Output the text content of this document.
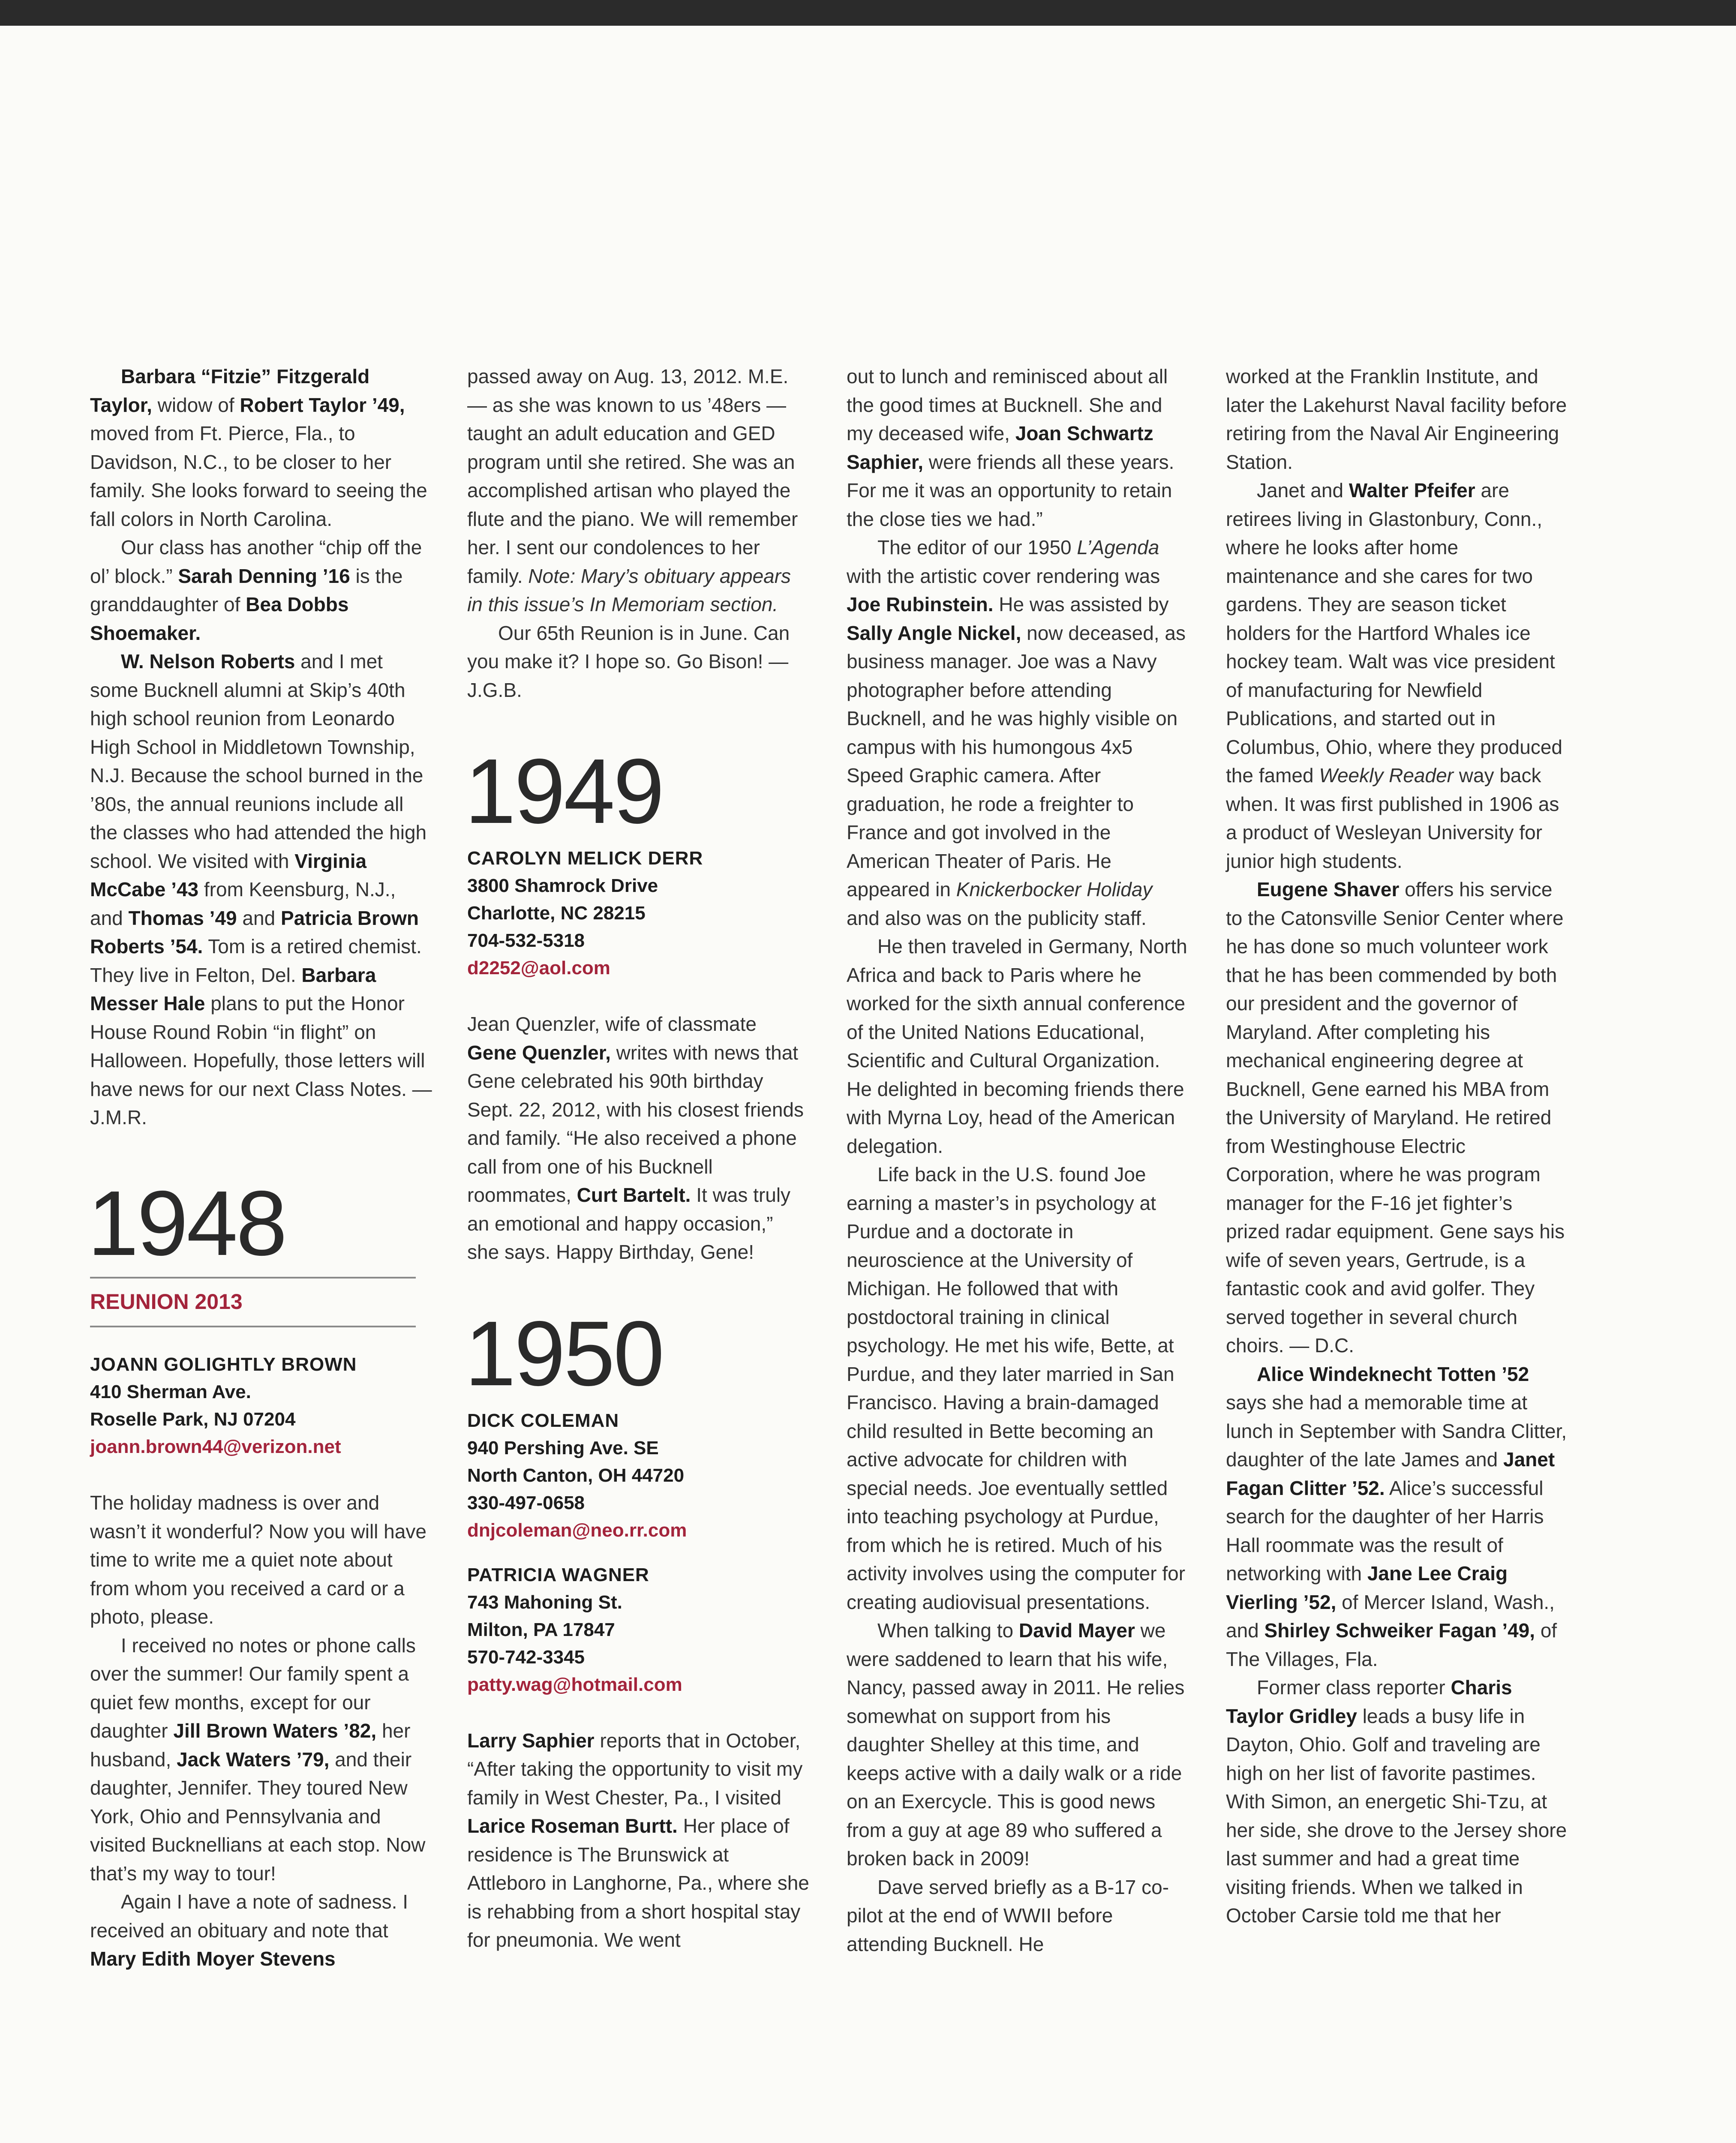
Barbara “Fitzie” Fitzgerald Taylor, widow of Robert Taylor ’49, moved from Ft. Pierce, Fla., to Davidson, N.C., to be closer to her family. She looks forward to seeing the fall colors in North Carolina.

Our class has another “chip off the ol’ block.” Sarah Denning ’16 is the granddaughter of Bea Dobbs Shoemaker.

W. Nelson Roberts and I met some Bucknell alumni at Skip’s 40th high school reunion from Leonardo High School in Middletown Township, N.J. Because the school burned in the ’80s, the annual reunions include all the classes who had attended the high school. We visited with Virginia McCabe ’43 from Keensburg, N.J., and Thomas ’49 and Patricia Brown Roberts ’54. Tom is a retired chemist. They live in Felton, Del. Barbara Messer Hale plans to put the Honor House Round Robin “in flight” on Halloween. Hopefully, those letters will have news for our next Class Notes. — J.M.R.

1948
REUNION 2013
JOANN GOLIGHTLY BROWN
410 Sherman Ave.
Roselle Park, NJ 07204
joann.brown44@verizon.net

The holiday madness is over and wasn’t it wonderful? Now you will have time to write me a quiet note about from whom you received a card or a photo, please.

I received no notes or phone calls over the summer! Our family spent a quiet few months, except for our daughter Jill Brown Waters ’82, her husband, Jack Waters ’79, and their daughter, Jennifer. They toured New York, Ohio and Pennsylvania and visited Bucknellians at each stop. Now that’s my way to tour!

Again I have a note of sadness. I received an obituary and note that Mary Edith Moyer Stevens

passed away on Aug. 13, 2012. M.E. — as she was known to us ’48ers — taught an adult education and GED program until she retired. She was an accomplished artisan who played the flute and the piano. We will remember her. I sent our condolences to her family. Note: Mary’s obituary appears in this issue’s In Memoriam section.

Our 65th Reunion is in June. Can you make it? I hope so. Go Bison! — J.G.B.

1949
CAROLYN MELICK DERR
3800 Shamrock Drive
Charlotte, NC 28215
704-532-5318
d2252@aol.com

Jean Quenzler, wife of classmate Gene Quenzler, writes with news that Gene celebrated his 90th birthday Sept. 22, 2012, with his closest friends and family. “He also received a phone call from one of his Bucknell roommates, Curt Bartelt. It was truly an emotional and happy occasion,” she says. Happy Birthday, Gene!

1950
DICK COLEMAN
940 Pershing Ave. SE
North Canton, OH 44720
330-497-0658
dnjcoleman@neo.rr.com
PATRICIA WAGNER
743 Mahoning St.
Milton, PA 17847
570-742-3345
patty.wag@hotmail.com

Larry Saphier reports that in October, “After taking the opportunity to visit my family in West Chester, Pa., I visited Larice Roseman Burtt. Her place of residence is The Brunswick at Attleboro in Langhorne, Pa., where she is rehabbing from a short hospital stay for pneumonia. We went

out to lunch and reminisced about all the good times at Bucknell. She and my deceased wife, Joan Schwartz Saphier, were friends all these years. For me it was an opportunity to retain the close ties we had.”

The editor of our 1950 L’Agenda with the artistic cover rendering was Joe Rubinstein. He was assisted by Sally Angle Nickel, now deceased, as business manager. Joe was a Navy photographer before attending Bucknell, and he was highly visible on campus with his humongous 4x5 Speed Graphic camera. After graduation, he rode a freighter to France and got involved in the American Theater of Paris. He appeared in Knickerbocker Holiday and also was on the publicity staff.

He then traveled in Germany, North Africa and back to Paris where he worked for the sixth annual conference of the United Nations Educational, Scientific and Cultural Organization. He delighted in becoming friends there with Myrna Loy, head of the American delegation.

Life back in the U.S. found Joe earning a master’s in psychology at Purdue and a doctorate in neuroscience at the University of Michigan. He followed that with postdoctoral training in clinical psychology. He met his wife, Bette, at Purdue, and they later married in San Francisco. Having a brain-damaged child resulted in Bette becoming an active advocate for children with special needs. Joe eventually settled into teaching psychology at Purdue, from which he is retired. Much of his activity involves using the computer for creating audiovisual presentations.

When talking to David Mayer we were saddened to learn that his wife, Nancy, passed away in 2011. He relies somewhat on support from his daughter Shelley at this time, and keeps active with a daily walk or a ride on an Exercycle. This is good news from a guy at age 89 who suffered a broken back in 2009!

Dave served briefly as a B-17 co-pilot at the end of WWII before attending Bucknell. He

worked at the Franklin Institute, and later the Lakehurst Naval facility before retiring from the Naval Air Engineering Station.

Janet and Walter Pfeifer are retirees living in Glastonbury, Conn., where he looks after home maintenance and she cares for two gardens. They are season ticket holders for the Hartford Whales ice hockey team. Walt was vice president of manufacturing for Newfield Publications, and started out in Columbus, Ohio, where they produced the famed Weekly Reader way back when. It was first published in 1906 as a product of Wesleyan University for junior high students.

Eugene Shaver offers his service to the Catonsville Senior Center where he has done so much volunteer work that he has been commended by both our president and the governor of Maryland. After completing his mechanical engineering degree at Bucknell, Gene earned his MBA from the University of Maryland. He retired from Westinghouse Electric Corporation, where he was program manager for the F-16 jet fighter’s prized radar equipment. Gene says his wife of seven years, Gertrude, is a fantastic cook and avid golfer. They served together in several church choirs. — D.C.

Alice Windeknecht Totten ’52 says she had a memorable time at lunch in September with Sandra Clitter, daughter of the late James and Janet Fagan Clitter ’52. Alice’s successful search for the daughter of her Harris Hall roommate was the result of networking with Jane Lee Craig Vierling ’52, of Mercer Island, Wash., and Shirley Schweiker Fagan ’49, of The Villages, Fla.

Former class reporter Charis Taylor Gridley leads a busy life in Dayton, Ohio. Golf and traveling are high on her list of favorite pastimes. With Simon, an energetic Shi-Tzu, at her side, she drove to the Jersey shore last summer and had a great time visiting friends. When we talked in October Carsie told me that her
